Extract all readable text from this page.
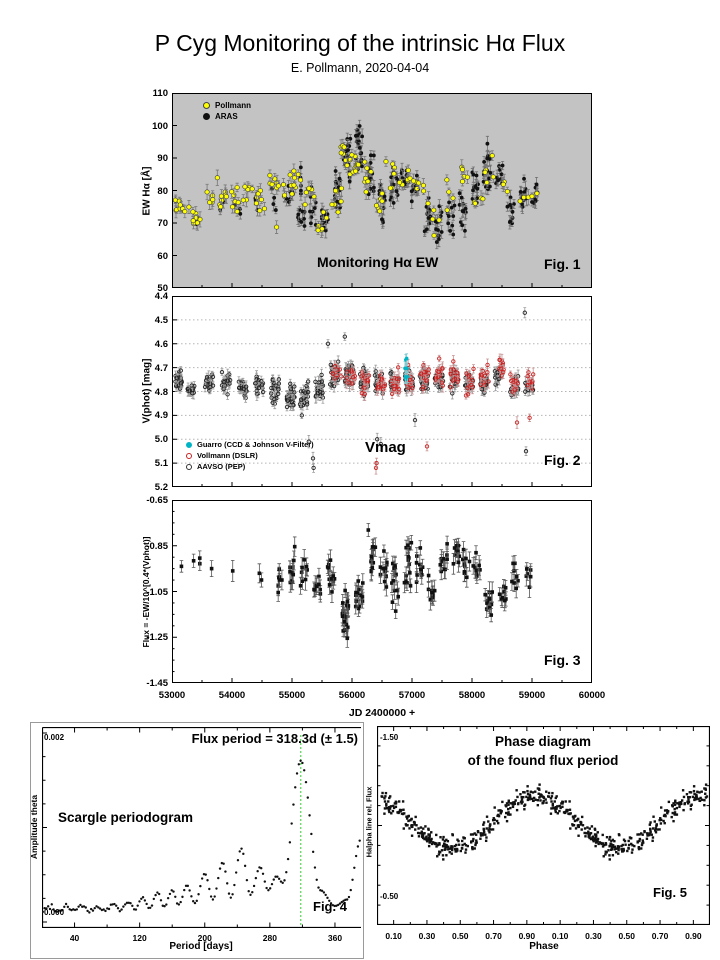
P Cyg Monitoring of the intrinsic Hα Flux
E. Pollmann, 2020-04-04
EW Hα [Å]
Pollmann
ARAS
Monitoring Hα EW	Fig. 1
V(phot) [mag]
Guarro (CCD & Johnson V-Filter)
Vollmann (DSLR)
AAVSO (PEP)
Vmag
Fig. 2
Flux = -EW/10^[0.4*(Vphot)]
Fig. 3
JD 2400000 +
Amplitude theta
0.002
0.000
Flux period = 318.3d (± 1.5)
Scargle periodogram
Fig. 4
Period [days]
Halpha line rel. Flux
Phase diagram
of the found flux period
-1.50
-0.50	Fig. 5
Phase
110
100
90
80
70
60
50
4.4
4.5
4.6
4.7
4.8
4.9
5.0
5.1
5.2
-0.65
-0.85
-1.05
-1.25
-1.45
53000	54000	55000	56000	57000	58000	59000	60000
40	120	200	280	360	0.10	0.30	0.50	0.70	0.90	0.10	0.30	0.50	0.70	0.90
